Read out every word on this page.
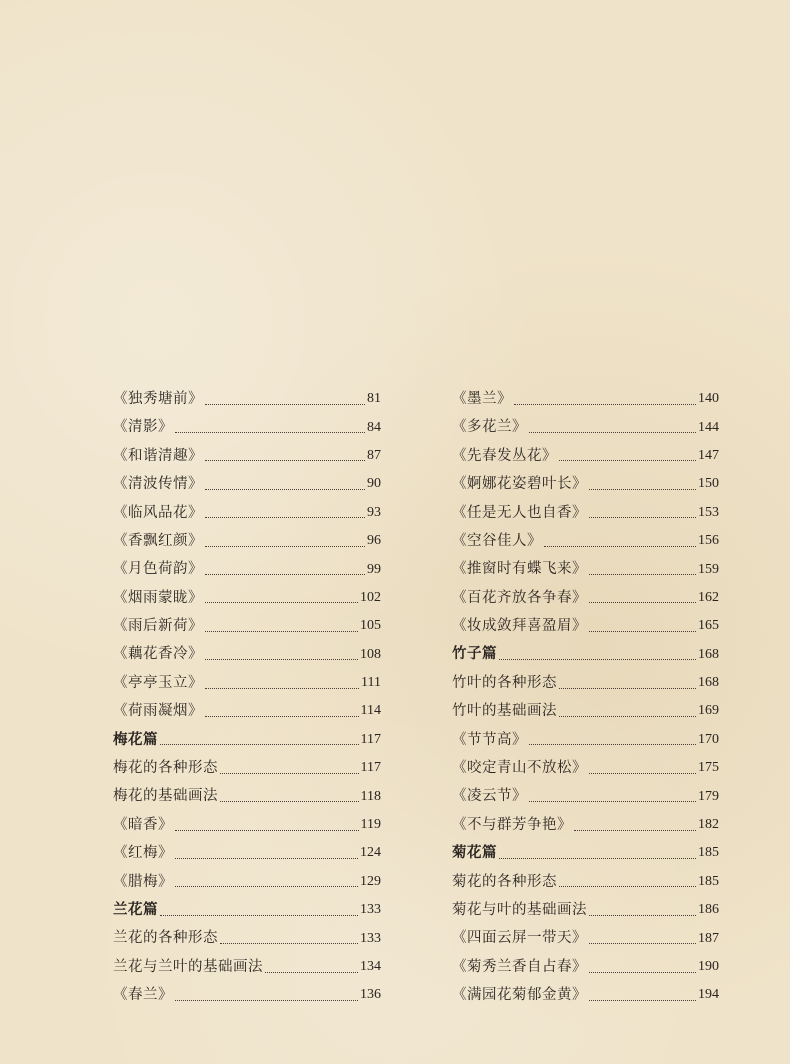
《独秀塘前》	81
《清影》	84
《和谐清趣》	87
《清波传情》	90
《临风品花》	93
《香飘红颜》	96
《月色荷韵》	99
《烟雨蒙眬》	102
《雨后新荷》	105
《藕花香冷》	108
《亭亭玉立》	111
《荷雨凝烟》	114
梅花篇	117
梅花的各种形态	117
梅花的基础画法	118
《暗香》	119
《红梅》	124
《腊梅》	129
兰花篇	133
兰花的各种形态	133
兰花与兰叶的基础画法	134
《春兰》	136
《墨兰》	140
《多花兰》	144
《先春发丛花》	147
《婀娜花姿碧叶长》	150
《任是无人也自香》	153
《空谷佳人》	156
《推窗时有蝶飞来》	159
《百花齐放各争春》	162
《妆成敛拜喜盈眉》	165
竹子篇	168
竹叶的各种形态	168
竹叶的基础画法	169
《节节高》	170
《咬定青山不放松》	175
《凌云节》	179
《不与群芳争艳》	182
菊花篇	185
菊花的各种形态	185
菊花与叶的基础画法	186
《四面云屏一带天》	187
《菊秀兰香自占春》	190
《满园花菊郁金黄》	194
